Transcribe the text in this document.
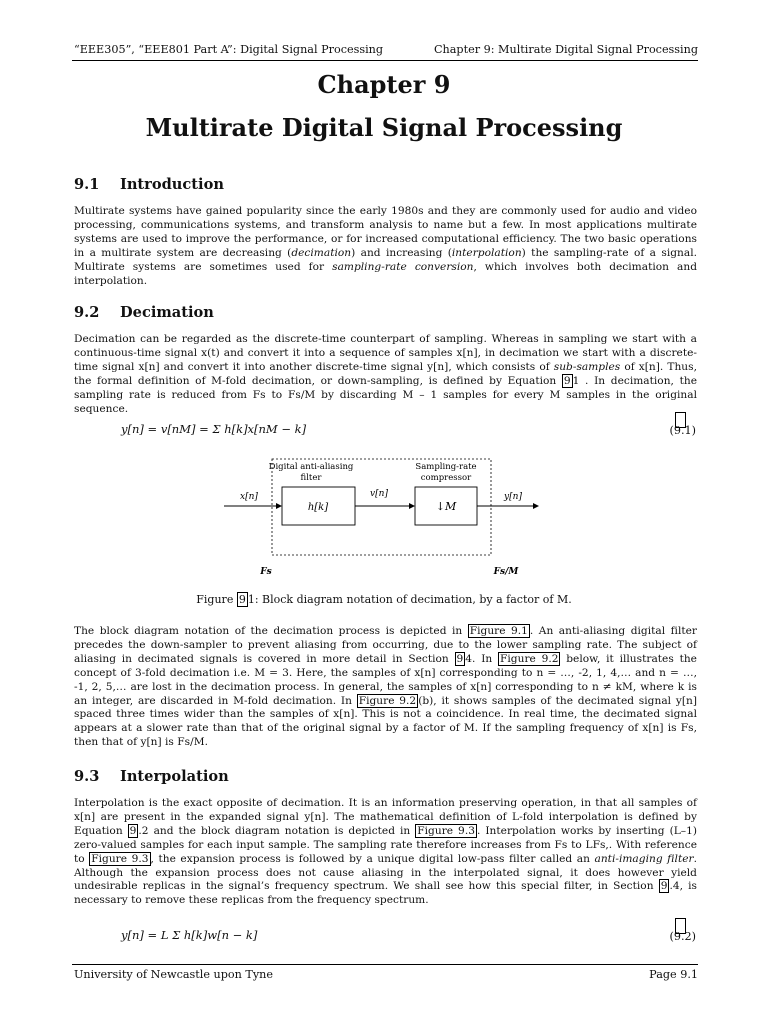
“EEE305”, “EEE801 Part A”: Digital Signal Processing	Chapter 9: Multirate Digital Signal Processing
Chapter 9
Multirate Digital Signal Processing
9.1 Introduction

Multirate systems have gained popularity since the early 1980s and they are commonly used for audio and video processing, communications systems, and transform analysis to name but a few. In most applications multirate systems are used to improve the performance, or for increased computational efficiency. The two basic operations in a multirate system are decreasing (decimation) and increasing (interpolation) the sampling-rate of a signal. Multirate systems are sometimes used for sampling-rate conversion, which involves both decimation and interpolation.

9.2 Decimation

Decimation can be regarded as the discrete-time counterpart of sampling. Whereas in sampling we start with a continuous-time signal x(t) and convert it into a sequence of samples x[n], in decimation we start with a discrete-time signal x[n] and convert it into another discrete-time signal y[n], which consists of sub-samples of x[n]. Thus, the formal definition of M-fold decimation, or down-sampling, is defined by Equation 9 1 . In decimation, the sampling rate is reduced from Fs to Fs/M by discarding M – 1 samples for every M samples in the original sequence.

y[n] = v[nM] = Σ h[k]x[nM − k]	(9.1)
Digital anti-aliasing
filter
Sampling-rate
compressor
h[k]	↓M
x[n]	v[n]	y[n]
Fs	Fs/M
Figure 9 1: Block diagram notation of decimation, by a factor of M.

The block diagram notation of the decimation process is depicted in Figure 9.1 . An anti-aliasing digital filter precedes the down-sampler to prevent aliasing from occurring, due to the lower sampling rate. The subject of aliasing in decimated signals is covered in more detail in Section 9 4. In Figure 9.2 below, it illustrates the concept of 3-fold decimation i.e. M = 3. Here, the samples of x[n] corresponding to n = …, -2, 1, 4,… and n = …, -1, 2, 5,… are lost in the decimation process. In general, the samples of x[n] corresponding to n ≠ kM, where k is an integer, are discarded in M-fold decimation. In Figure 9.2 (b), it shows samples of the decimated signal y[n] spaced three times wider than the samples of x[n]. This is not a coincidence. In real time, the decimated signal appears at a slower rate than that of the original signal by a factor of M. If the sampling frequency of x[n] is Fs, then that of y[n] is Fs/M.

9.3 Interpolation

Interpolation is the exact opposite of decimation. It is an information preserving operation, in that all samples of x[n] are present in the expanded signal y[n]. The mathematical definition of L-fold interpolation is defined by Equation 9 .2 and the block diagram notation is depicted in Figure 9.3 . Interpolation works by inserting (L–1) zero-valued samples for each input sample. The sampling rate therefore increases from Fs to LFs,. With reference to Figure 9.3 , the expansion process is followed by a unique digital low-pass filter called an anti-imaging filter. Although the expansion process does not cause aliasing in the interpolated signal, it does however yield undesirable replicas in the signal’s frequency spectrum. We shall see how this special filter, in Section 9 .4, is necessary to remove these replicas from the frequency spectrum.

y[n] = L Σ h[k]w[n − k]	(9.2)
University of Newcastle upon Tyne	Page 9.1
